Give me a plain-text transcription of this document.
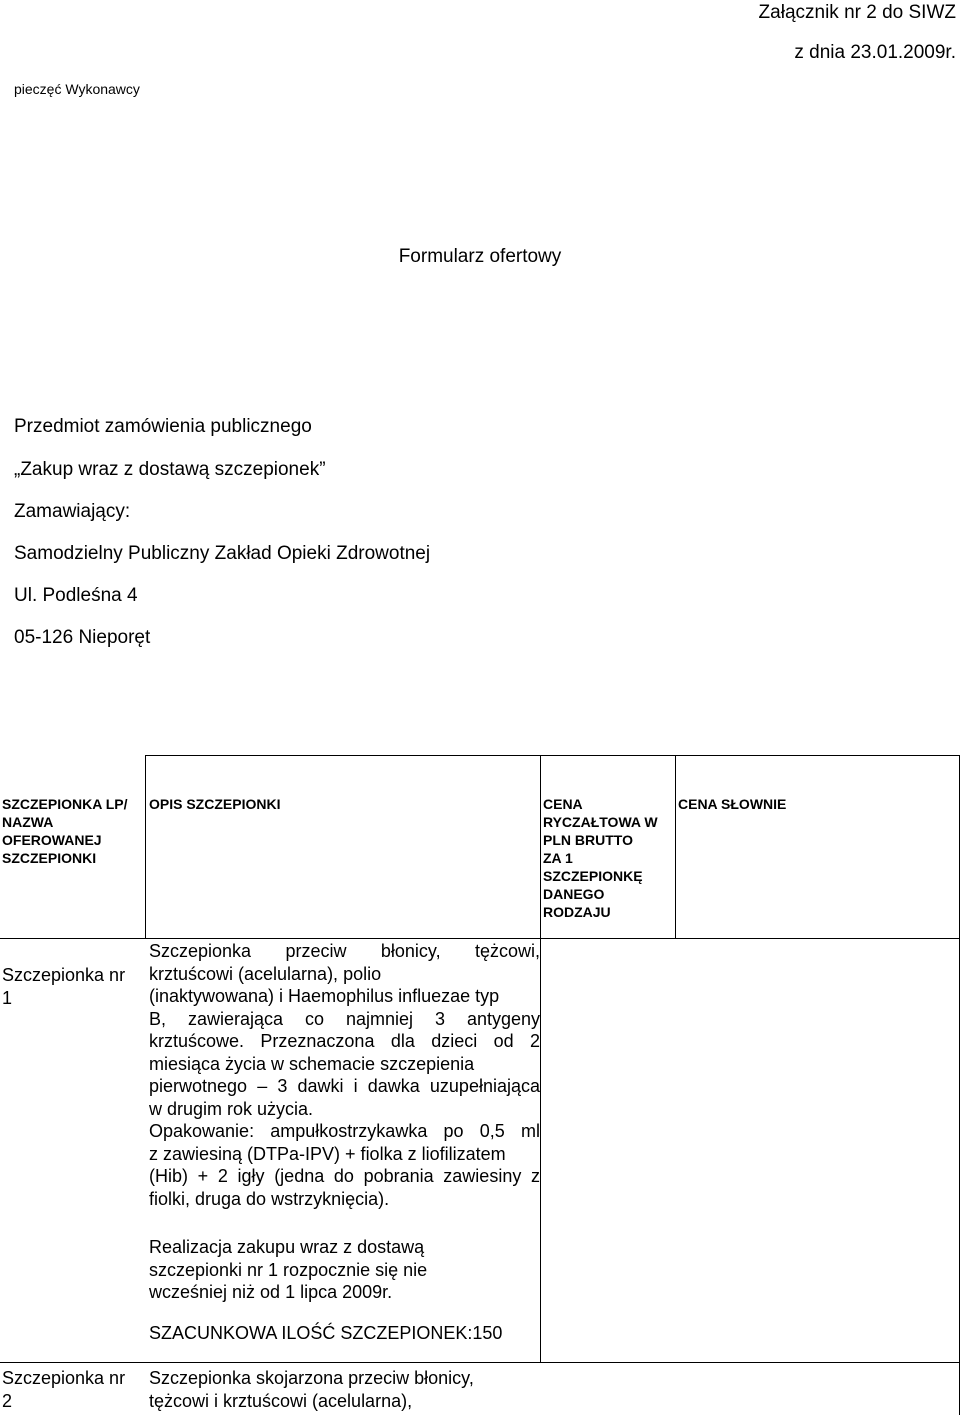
Załącznik nr 2 do SIWZ
z dnia 23.01.2009r.
pieczęć Wykonawcy
Formularz ofertowy
Przedmiot zamówienia publicznego
„Zakup wraz z dostawą szczepionek”
Zamawiający:
Samodzielny Publiczny Zakład Opieki Zdrowotnej
Ul. Podleśna 4
05-126 Nieporęt
SZCZEPIONKA LP/
NAZWA
OFEROWANEJ
SZCZEPIONKI
OPIS SZCZEPIONKI	CENA
RYCZAŁTOWA W
PLN BRUTTO
ZA 1
SZCZEPIONKĘ
DANEGO
RODZAJU
CENA SŁOWNIE
Szczepionka nr
1
Szczepionka przeciw błonicy, tężcowi,
krztuścowi (acelularna), polio
(inaktywowana) i Haemophilus influezae typ
B, zawierająca co najmniej 3 antygeny
krztuścowe. Przeznaczona dla dzieci od 2
miesiąca życia w schemacie szczepienia
pierwotnego – 3 dawki i dawka uzupełniająca
w drugim rok użycia.
Opakowanie: ampułkostrzykawka po 0,5 ml
z zawiesiną (DTPa-IPV) + fiolka z liofilizatem
(Hib) + 2 igły (jedna do pobrania zawiesiny z
fiolki, druga do wstrzyknięcia).
Realizacja zakupu wraz z dostawą
szczepionki nr 1 rozpocznie się nie
wcześniej niż od 1 lipca 2009r.
SZACUNKOWA ILOŚĆ SZCZEPIONEK:150
Szczepionka nr
2
Szczepionka skojarzona przeciw błonicy,
tężcowi i krztuścowi (acelularna),
